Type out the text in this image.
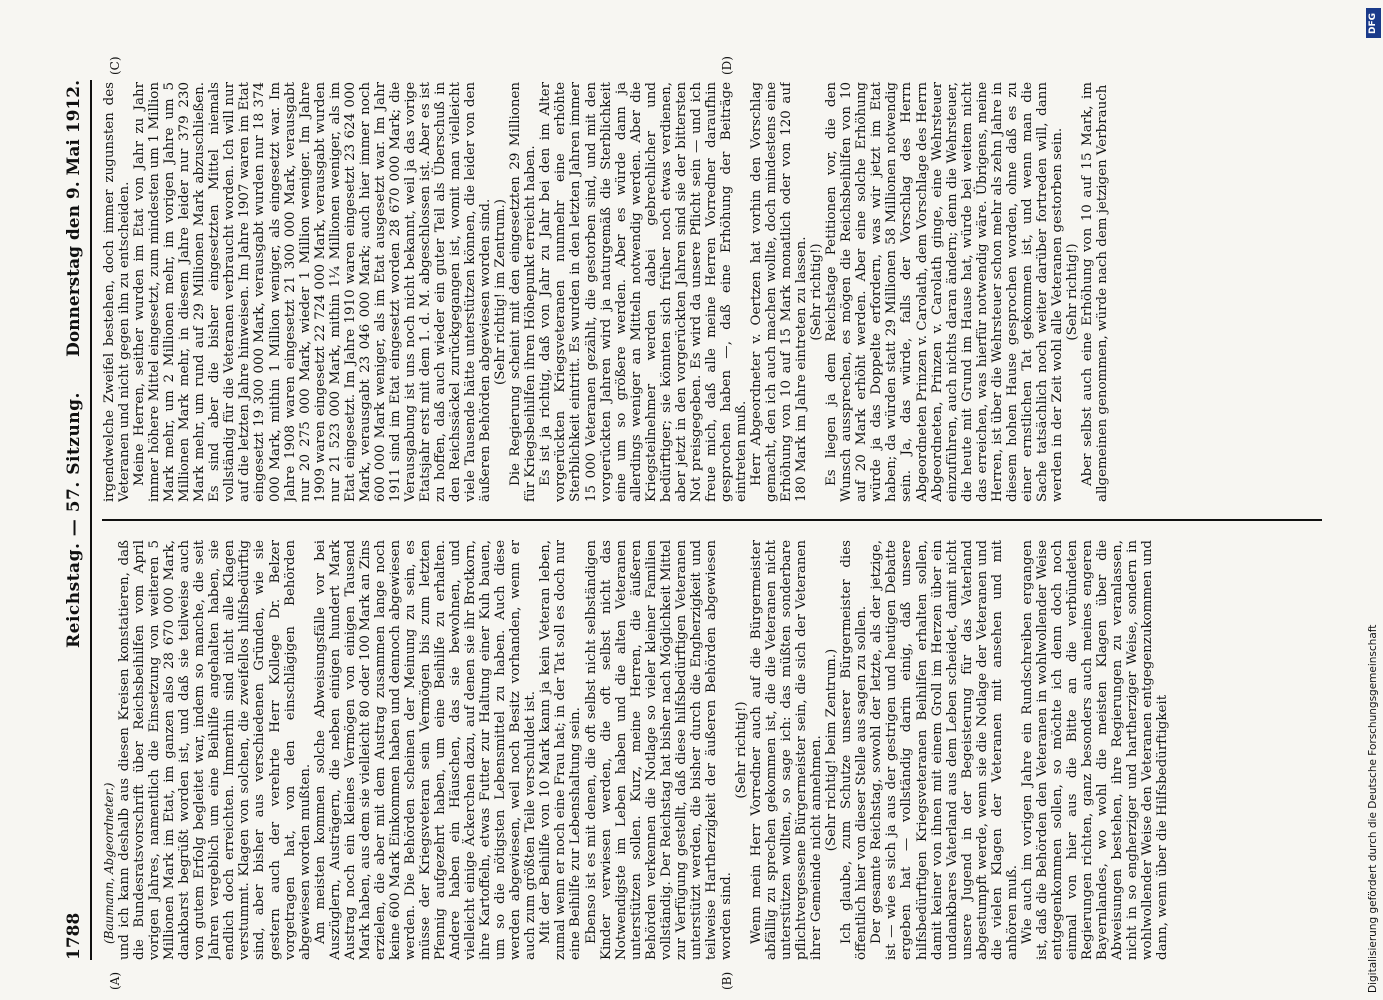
1788
Reichstag. — 57. Sitzung.
Donnerstag den 9. Mai 1912.

(Baumann, Abgeordneter.) und ich kann deshalb aus diesen Kreisen konstatieren, daß die Bundesratsvorschrift über Reichsbeihilfen vom April vorigen Jahres, namentlich die Einsetzung von weiteren 5 Millionen Mark im Etat, im ganzen also 28 670 000 Mark, dankbarst begrüßt worden ist, und daß sie teilweise auch von gutem Erfolg begleitet war, indem so manche, die seit Jahren vergeblich um eine Beihilfe angehalten haben, sie endlich doch erreichten. Immerhin sind nicht alle Klagen verstummt. Klagen von solchen, die zweifellos hilfsbedürftig sind, aber bisher aus verschiedenen Gründen, wie sie gestern auch der verehrte Herr Kollege Dr. Belzer vorgetragen hat, von den einschlägigen Behörden abgewiesen worden mußten. Am meisten kommen solche Abweisungsfälle vor bei Auszüglern, Austrägern, die neben einigen hundert Mark Austrag noch ein kleines Vermögen von einigen Tausend Mark haben, aus dem sie vielleicht 80 oder 100 Mark an Zins erzielen, die aber mit dem Austrag zusammen lange noch keine 600 Mark Einkommen haben und dennoch abgewiesen werden. Die Behörden scheinen der Meinung zu sein, es müsse der Kriegsveteran sein Vermögen bis zum letzten Pfennig aufgezehrt haben, um eine Beihilfe zu erhalten. Andere haben ein Häuschen, das sie bewohnen, und vielleicht einige Äckerchen dazu, auf denen sie ihr Brotkorn, ihre Kartoffeln, etwas Futter zur Haltung einer Kuh bauen, um so die nötigsten Lebensmittel zu haben. Auch diese werden abgewiesen, weil noch Besitz vorhanden, wenn er auch zum größten Teile verschuldet ist. Mit der Beihilfe von 10 Mark kann ja kein Veteran leben, zumal wenn er noch eine Frau hat; in der Tat soll es doch nur eine Beihilfe zur Lebenshaltung sein. Ebenso ist es mit denen, die oft selbst nicht selbständigen Kinder verwiesen werden, die oft selbst nicht das Notwendigste im Leben haben und die alten Veteranen unterstützen sollen. Kurz, meine Herren, die äußeren Behörden verkennen die Notlage so vieler kleiner Familien vollständig. Der Reichstag hat bisher nach Möglichkeit Mittel zur Verfügung gestellt, daß diese hilfsbedürftigen Veteranen unterstützt werden, die bisher durch die Engherzigkeit und teilweise Hartherzigkeit der äußeren Behörden abgewiesen worden sind.

(Sehr richtig!) Wenn mein Herr Vorredner auch auf die Bürgermeister abfällig zu sprechen gekommen ist, die die Veteranen nicht unterstützen wollten, so sage ich: das müßten sonderbare pflichtvergessene Bürgermeister sein, die sich der Veteranen ihrer Gemeinde nicht annehmen. (Sehr richtig! beim Zentrum.) Ich glaube, zum Schutze unserer Bürgermeister dies öffentlich hier von dieser Stelle aus sagen zu sollen. Der gesamte Reichstag, sowohl der letzte, als der jetzige, ist — wie es sich ja aus der gestrigen und heutigen Debatte ergeben hat — vollständig darin einig, daß unsere hilfsbedürftigen Kriegsveteranen Beihilfen erhalten sollen, damit keiner von ihnen mit einem Groll im Herzen über ein undankbares Vaterland aus dem Leben scheidet, damit nicht unsere Jugend in der Begeisterung für das Vaterland abgestumpft werde, wenn sie die Notlage der Veteranen und die vielen Klagen der Veteranen mit ansehen und mit anhören muß. Wie auch im vorigen Jahre ein Rundschreiben ergangen ist, daß die Behörden den Veteranen in wohlwollender Weise entgegenkommen sollen, so möchte ich denn doch noch einmal von hier aus die Bitte an die verbündeten Regierungen richten, ganz besonders auch meines engeren Bayernlandes, wo wohl die meisten Klagen über die Abweisungen bestehen, ihre Regierungen zu veranlassen, nicht in so engherziger und hartherziger Weise, sondern in wohlwollender Weise den Veteranen entgegenzukommen und dann, wenn über die Hilfsbedürftigkeit

irgendwelche Zweifel bestehen, doch immer zugunsten des Veteranen und nicht gegen ihn zu entscheiden. Meine Herren, seither wurden im Etat von Jahr zu Jahr immer höhere Mittel eingesetzt, zum mindesten um 1 Million Mark mehr, um 2 Millionen mehr, im vorigen Jahre um 5 Millionen Mark mehr, in diesem Jahre leider nur 379 230 Mark mehr, um rund auf 29 Millionen Mark abzuschließen. Es sind aber die bisher eingesetzten Mittel niemals vollständig für die Veteranen verbraucht worden. Ich will nur auf die letzten Jahre hinweisen. Im Jahre 1907 waren im Etat eingesetzt 19 300 000 Mark, verausgabt wurden nur 18 374 000 Mark, mithin 1 Million weniger, als eingesetzt war. Im Jahre 1908 waren eingesetzt 21 300 000 Mark, verausgabt nur 20 275 000 Mark, wieder 1 Million weniger. Im Jahre 1909 waren eingesetzt 22 724 000 Mark, verausgabt wurden nur 21 523 000 Mark, mithin 1¼ Millionen weniger, als im Etat eingesetzt. Im Jahre 1910 waren eingesetzt 23 624 000 Mark, verausgabt 23 046 000 Mark; auch hier immer noch 600 000 Mark weniger, als im Etat ausgesetzt war. Im Jahr 1911 sind im Etat eingesetzt worden 28 670 000 Mark; die Verausgabung ist uns noch nicht bekannt, weil ja das vorige Etatsjahr erst mit dem 1. d. M. abgeschlossen ist. Aber es ist zu hoffen, daß auch wieder ein guter Teil als Überschuß in den Reichssäckel zurückgegangen ist, womit man vielleicht viele Tausende hätte unterstützen können, die leider von den äußeren Behörden abgewiesen worden sind. (Sehr richtig! im Zentrum.) Die Regierung scheint mit den eingesetzten 29 Millionen für Kriegsbeihilfen ihren Höhepunkt erreicht haben. Es ist ja richtig, daß von Jahr zu Jahr bei den im Alter vorgerückten Kriegsveteranen nunmehr eine erhöhte Sterblichkeit eintritt. Es wurden in den letzten Jahren immer 15 000 Veteranen gezählt, die gestorben sind, und mit den vorgerückten Jahren wird ja naturgemäß die Sterblichkeit eine um so größere werden. Aber es würde dann ja allerdings weniger an Mitteln notwendig werden. Aber die Kriegsteilnehmer werden dabei gebrechlicher und bedürftiger; sie könnten sich früher noch etwas verdienen, aber jetzt in den vorgerückten Jahren sind sie der bittersten Not preisgegeben. Es wird da unsere Pflicht sein — und ich freue mich, daß alle meine Herren Vorredner daraufhin gesprochen haben —, daß eine Erhöhung der Beiträge eintreten muß. Herr Abgeordneter v. Oertzen hat vorhin den Vorschlag gemacht, den ich auch machen wollte, doch mindestens eine Erhöhung von 10 auf 15 Mark monatlich oder von 120 auf 180 Mark im Jahre eintreten zu lassen. (Sehr richtig!) Es liegen ja dem Reichstage Petitionen vor, die den Wunsch aussprechen, es mögen die Reichsbeihilfen von 10 auf 20 Mark erhöht werden. Aber eine solche Erhöhung würde ja das Doppelte erfordern, was wir jetzt im Etat haben; da würden statt 29 Millionen 58 Millionen notwendig sein. Ja, das würde, falls der Vorschlag des Herrn Abgeordneten Prinzen v. Carolath, dem Vorschlage des Herrn Abgeordneten, Prinzen v. Carolath ginge, eine Wehrsteuer einzuführen, auch nichts daran ändern; denn die Wehrsteuer, die heute mit Grund im Hause hat, würde bei weitem nicht das erreichen, was hierfür notwendig wäre. Übrigens, meine Herren, ist über die Wehrsteuer schon mehr als zehn Jahre in diesem hohen Hause gesprochen worden, ohne daß es zu einer ernstlichen Tat gekommen ist, und wenn man die Sache tatsächlich noch weiter darüber fortreden will, dann werden in der Zeit wohl alle Veteranen gestorben sein. (Sehr richtig!) Aber selbst auch eine Erhöhung von 10 auf 15 Mark, im allgemeinen genommen, würde nach dem jetzigen Verbrauch

(A)	(B)
(C)	(D)
DFG
Digitalisierung gefördert durch die Deutsche Forschungsgemeinschaft
